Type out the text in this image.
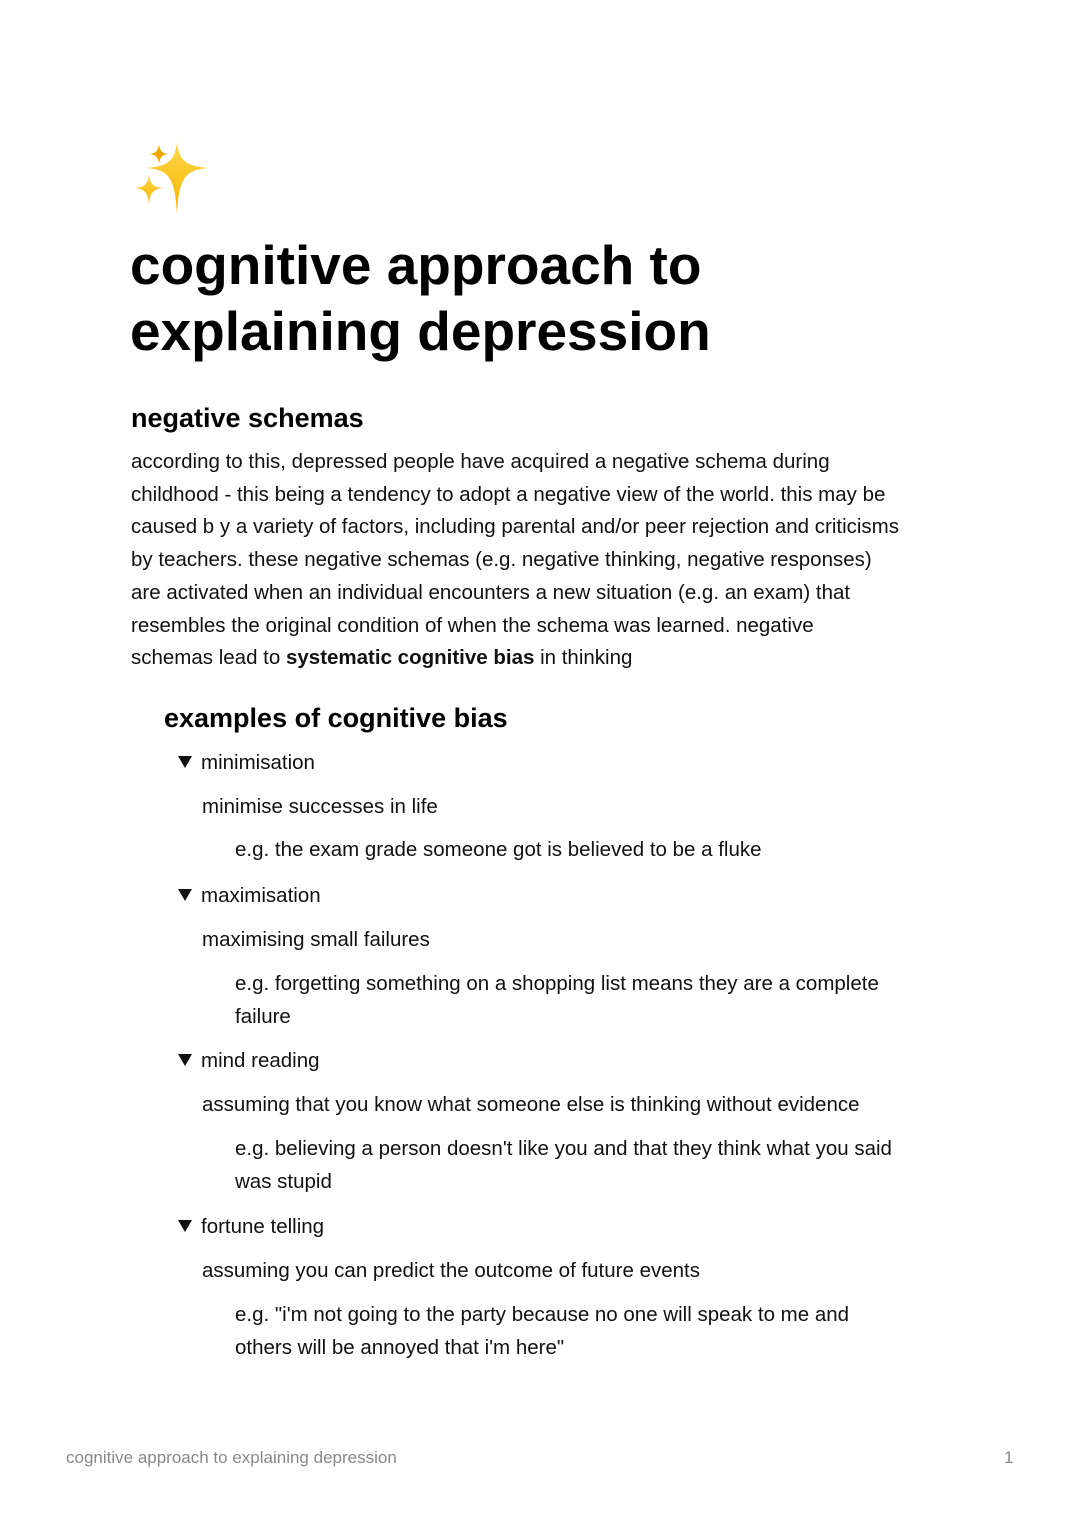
cognitive approach to
explaining depression
negative schemas
according to this, depressed people have acquired a negative schema during
childhood - this being a tendency to adopt a negative view of the world. this may be
caused b y a variety of factors, including parental and/or peer rejection and criticisms
by teachers. these negative schemas (e.g. negative thinking, negative responses)
are activated when an individual encounters a new situation (e.g. an exam) that
resembles the original condition of when the schema was learned. negative
schemas lead to systematic cognitive bias in thinking
examples of cognitive bias
minimisation
minimise successes in life
e.g. the exam grade someone got is believed to be a fluke
maximisation
maximising small failures
e.g. forgetting something on a shopping list means they are a complete
failure
mind reading
assuming that you know what someone else is thinking without evidence
e.g. believing a person doesn't like you and that they think what you said
was stupid
fortune telling
assuming you can predict the outcome of future events
e.g. "i'm not going to the party because no one will speak to me and
others will be annoyed that i'm here"
cognitive approach to explaining depression	1
